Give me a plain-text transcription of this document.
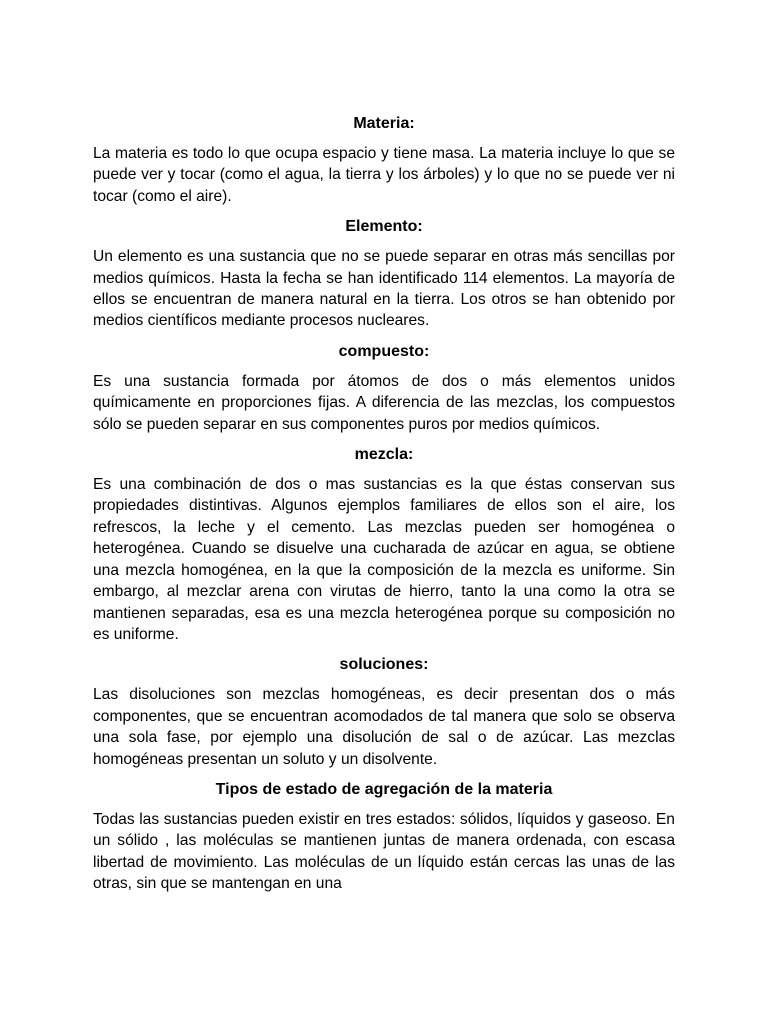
Materia:

La materia es todo lo que ocupa espacio y tiene masa. La materia incluye lo que se puede ver y tocar (como el agua, la tierra y los árboles) y lo que no se puede ver ni tocar (como el aire).

Elemento:

Un elemento es una sustancia que no se puede separar en otras más sencillas por medios químicos. Hasta la fecha se han identificado 114 elementos. La mayoría de ellos se encuentran de manera natural en la tierra. Los otros se han obtenido por medios científicos mediante procesos nucleares.

compuesto:

Es una sustancia formada por átomos de dos o más elementos unidos químicamente en proporciones fijas. A diferencia de las mezclas, los compuestos sólo se pueden separar en sus componentes puros por medios químicos.

mezcla:

Es una combinación de dos o mas sustancias es la que éstas conservan sus propiedades distintivas. Algunos ejemplos familiares de ellos son el aire, los refrescos, la leche y el cemento. Las mezclas pueden ser homogénea o heterogénea. Cuando se disuelve una cucharada de azúcar en agua, se obtiene una mezcla homogénea, en la que la composición de la mezcla es uniforme. Sin embargo, al mezclar arena con virutas de hierro, tanto la una como la otra se mantienen separadas, esa es una mezcla heterogénea porque su composición no es uniforme.

soluciones:

Las disoluciones son mezclas homogéneas, es decir presentan dos o más componentes, que se encuentran acomodados de tal manera que solo se observa una sola fase, por ejemplo una disolución de sal o de azúcar. Las mezclas homogéneas presentan un soluto y un disolvente.

Tipos de estado de agregación de la materia

Todas las sustancias pueden existir en tres estados: sólidos, líquidos y gaseoso. En un sólido , las moléculas se mantienen juntas de manera ordenada, con escasa libertad de movimiento. Las moléculas de un líquido están cercas las unas de las otras, sin que se mantengan en una
